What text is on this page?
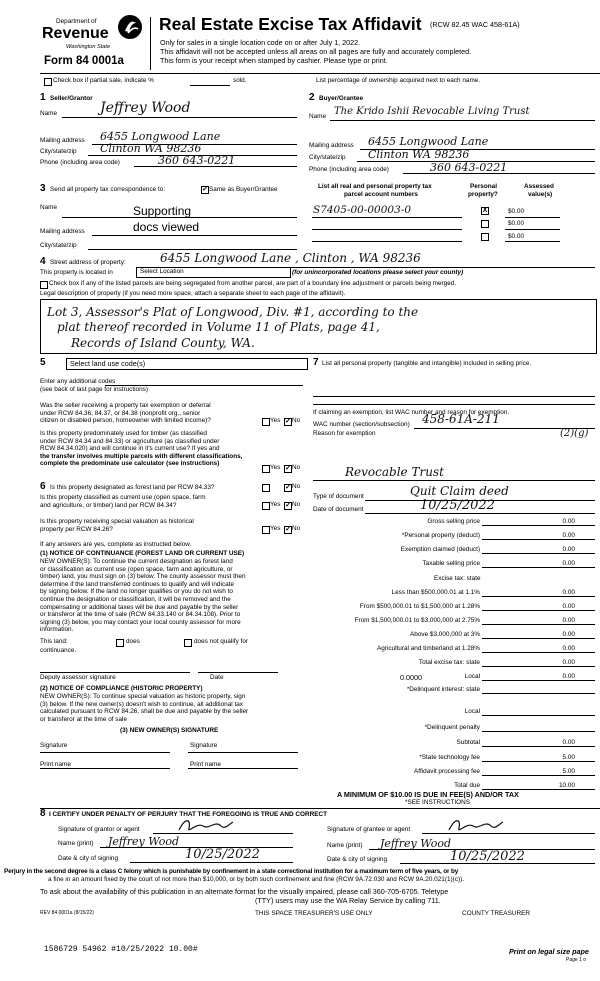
Department of
Revenue
Washington State
Form 84 0001a
Real Estate Excise Tax Affidavit (RCW 82.45 WAC 458-61A)
Only for sales in a single location code on or after July 1, 2022.
This affidavit will not be accepted unless all areas on all pages are fully and accurately completed.
This form is your receipt when stamped by cashier. Please type or print.
Check box if partial sale, indicate %	sold.	List percentage of ownership acquired next to each name.
1 Seller/Grantor
Name	Jeffrey Wood
Mailing address 6455 Longwood Lane
City/state/zip Clinton WA 98236
Phone (including area code)	360 643-0221
2 Buyer/Grantee
Name The Krido Ishii Revocable Living Trust
Mailing address 6455 Longwood Lane
City/state/zip Clinton WA 98236
Phone (including area code)	360 643-0221
3 Send all property tax correspondence to:	✓ Same as Buyer/Grantee
Name	Supporting
Mailing address	docs viewed
City/state/zip
List all real and personal property tax
parcel account numbers
Personal
property?
Assessed
value(s)
S7405-00-00003-0	X	$0.00
$0.00
$0.00
4 Street address of property:	6455 Longwood Lane , Clinton , WA 98236
This property is located in	Select Location	(for unincorporated locations please select your county)
Check box if any of the listed parcels are being segregated from another parcel, are part of a boundary line adjustment or parcels being merged.
Legal description of property (if you need more space, attach a separate sheet to each page of the affidavit).
Lot 3, Assessor's Plat of Longwood, Div. #1, according to the
plat thereof recorded in Volume 11 of Plats, page 41,
Records of Island County, WA.
5	Select land use code(s)
Enter any additional codes
(see back of last page for instructions)
Was the seller receiving a property tax exemption or deferral
under RCW 84.36, 84.37, or 84.38 (nonprofit org., senior
citizen or disabled person, homeowner with limited income)?	Yes ✓ No
Is this property predominately used for timber (as classified
under RCW 84.34 and 84.33) or agriculture (as classified under
RCW 84.34.020) and will continue in it's current use? If yes and
the transfer involves multiple parcels with different classifications,
complete the predominate use calculator (see instructions)
Yes ✓ No
6 Is this property designated as forest land per RCW 84.33?	✓ No
Is this property classified as current use (open space, farm
and agriculture, or timber) land per RCW 84.34?	Yes ✓ No
Is this property receiving special valuation as historical
property per RCW 84.26?	Yes ✓ No
If any answers are yes, complete as instructed below.
(1) NOTICE OF CONTINUANCE (FOREST LAND OR CURRENT USE)
NEW OWNER(S): To continue the current designation as forest land
or classification as current use (open space, farm and agriculture, or
timber) land, you must sign on (3) below. The county assessor must then
determine if the land transferred continues to qualify and will indicate
by signing below. If the land no longer qualifies or you do not wish to
continue the designation or classification, it will be removed and the
compensating or additional taxes will be due and payable by the seller
or transferor at the time of sale (RCW 84.33.140 or 84.34.108). Prior to
signing (3) below, you may contact your local county assessor for more
information.
This land:	does	does not qualify for
continuance.
Deputy assessor signature	Date
(2) NOTICE OF COMPLIANCE (HISTORIC PROPERTY)
NEW OWNER(S): To continue special valuation as historic property, sign
(3) below. If the new owner(s) doesn't wish to continue, all additional tax
calculated pursuant to RCW 84.26, shall be due and payable by the seller
or transferor at the time of sale
(3) NEW OWNER(S) SIGNATURE
Signature	Signature
Print name	Print name
7 List all personal property (tangible and intangible) included in selling price.
If claiming an exemption, list WAC number and reason for exemption.
WAC number (section/subsection) 458-61A-211
(2)(g)
Reason for exemption
Revocable Trust
Type of document	Quit Claim deed
Date of document	10/25/2022
Gross selling price	0.00
*Personal property (deduct)	0.00
Exemption claimed (deduct)	0.00
Taxable selling price	0.00
Excise tax: state
Less than $500,000.01 at 1.1%	0.00
From $500,000.01 to $1,500,000 at 1.28%	0.00
From $1,500,000.01 to $3,000,000 at 2.75%	0.00
Above $3,000,000 at 3%	0.00
Agricultural and timberland at 1.28%	0.00
Total excise tax: state	0.00
0.0000	Local	0.00
*Delinquent interest: state
Local
*Delinquent penalty
Subtotal	0.00
*State technology fee	5.00
Affidavit processing fee	5.00
Total due	10.00
A MINIMUM OF $10.00 IS DUE IN FEE(S) AND/OR TAX
*SEE INSTRUCTIONS
8 I CERTIFY UNDER PENALTY OF PERJURY THAT THE FOREGOING IS TRUE AND CORRECT
Signature of grantor or agent
Name (print) Jeffrey Wood
Date & city of signing	10/25/2022
Signature of grantee or agent
Name (print) Jeffrey Wood
Date & city of signing	10/25/2022
Perjury in the second degree is a class C felony which is punishable by confinement in a state correctional institution for a maximum term of five years, or by
a fine in an amount fixed by the court of not more than $10,000, or by both such confinement and fine (RCW 9A.72.030 and RCW 9A.20.021(1)(c)).
To ask about the availability of this publication in an alternate format for the visually impaired, please call 360-705-6705. Teletype
(TTY) users may use the WA Relay Service by calling 711.
REV 84 0001a (8/15/22)	THIS SPACE TREASURER'S USE ONLY	COUNTY TREASURER
1586729 54962 #10/25/2022 10.00#	Print on legal size pape
Page 1 o
